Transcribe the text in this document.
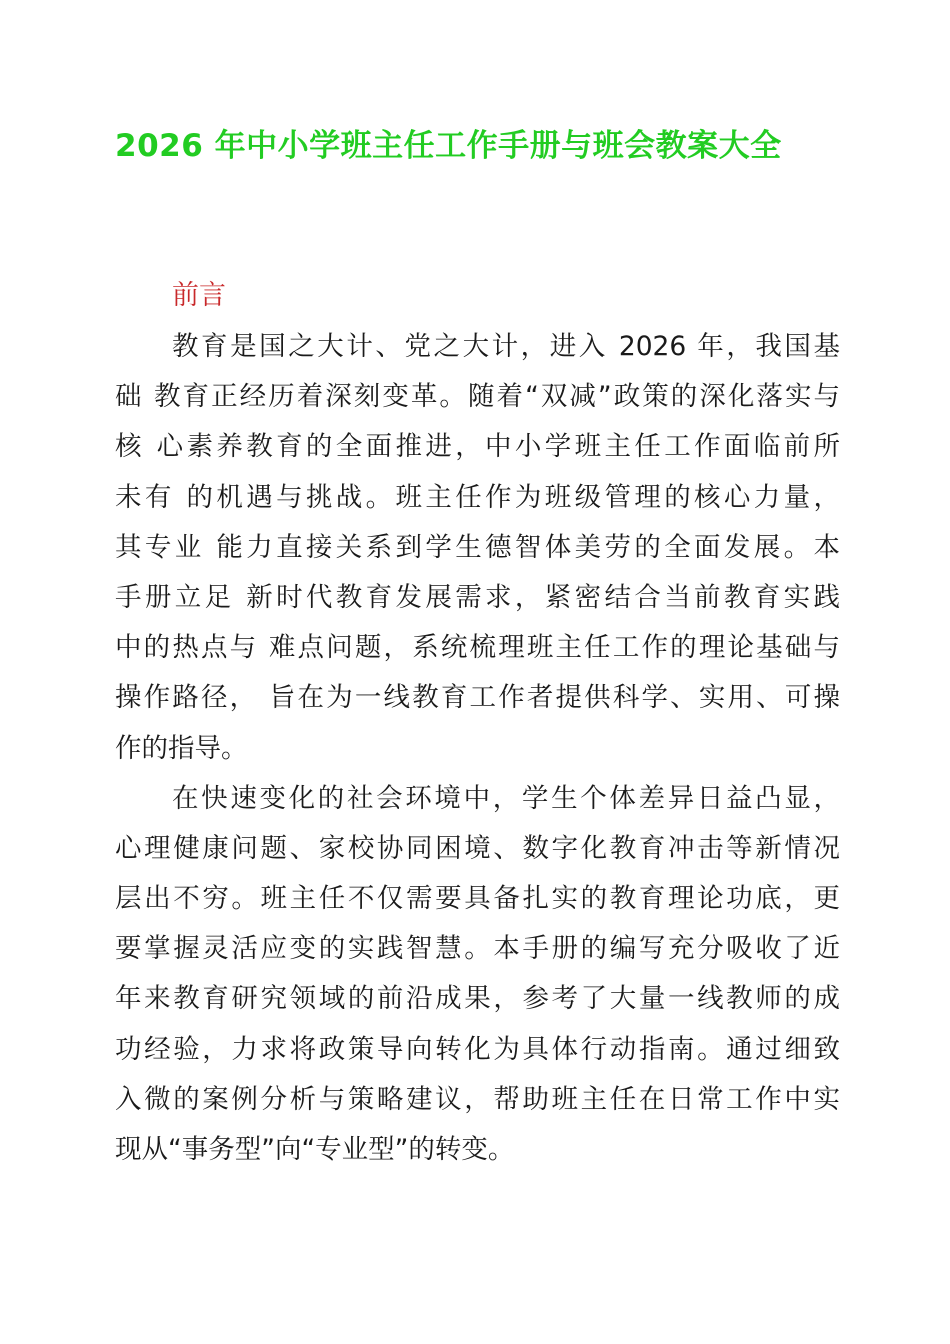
2026 年中小学班主任工作手册与班会教案大全
前言
教育是国之大计、党之大计，进入 2026 年，我国基
础 教育正经历着深刻变革。随着“双减”政策的深化落实与
核 心素养教育的全面推进，中小学班主任工作面临前所
未有 的机遇与挑战。班主任作为班级管理的核心力量，
其专业 能力直接关系到学生德智体美劳的全面发展。本
手册立足 新时代教育发展需求，紧密结合当前教育实践
中的热点与 难点问题，系统梳理班主任工作的理论基础与
操作路径， 旨在为一线教育工作者提供科学、实用、可操
作的指导。
在快速变化的社会环境中，学生个体差异日益凸显，
心理健康问题、家校协同困境、数字化教育冲击等新情况
层出不穷。班主任不仅需要具备扎实的教育理论功底，更
要掌握灵活应变的实践智慧。本手册的编写充分吸收了近
年来教育研究领域的前沿成果，参考了大量一线教师的成
功经验，力求将政策导向转化为具体行动指南。通过细致
入微的案例分析与策略建议，帮助班主任在日常工作中实
现从“事务型”向“专业型”的转变。
